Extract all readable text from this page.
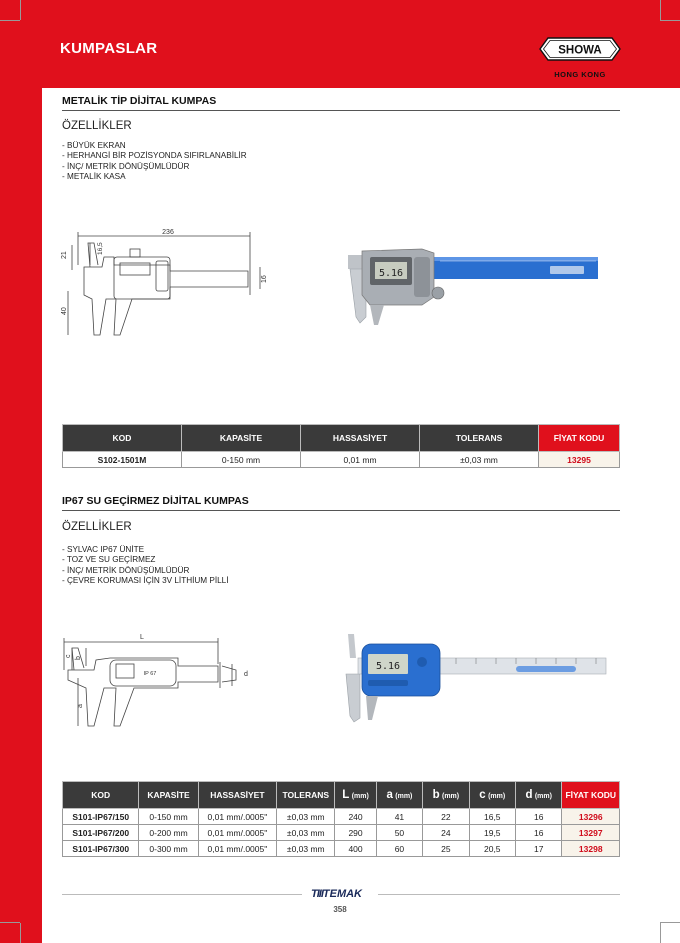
KUMPASLAR	SHOWA
HONG KONG
METALİK TİP DİJİTAL KUMPAS
ÖZELLİKLER
- BÜYÜK EKRAN
- HERHANGİ BİR POZİSYONDA SIFIRLANABİLİR
- İNÇ/ METRİK DÖNÜŞÜMLÜDÜR
- METALİK KASA
236
21
16,5
40
16
5.16
KOD	KAPASİTE	HASSASİYET	TOLERANS	FİYAT KODU
S102-1501M	0-150 mm	0,01 mm	±0,03 mm	13295
IP67 SU GEÇİRMEZ DİJİTAL KUMPAS
ÖZELLİKLER
- SYLVAC IP67 ÜNİTE
- TOZ VE SU GEÇİRMEZ
- İNÇ/ METRİK DÖNÜŞÜMLÜDÜR
- ÇEVRE KORUMASI İÇİN 3V LİTHİUM PİLLİ
L
IP 67
a
b
c
d
5.16
KOD	KAPASİTE	HASSASİYET	TOLERANS	L (mm)	a (mm)	b (mm)	c (mm)	d (mm)	FİYAT KODU
S101-IP67/150	0-150 mm	0,01 mm/.0005"	±0,03 mm	240	41	22	16,5	16	13296
S101-IP67/200	0-200 mm	0,01 mm/.0005"	±0,03 mm	290	50	24	19,5	16	13297
S101-IP67/300	0-300 mm	0,01 mm/.0005"	±0,03 mm	400	60	25	20,5	17	13298
TIIITEMAK
358
